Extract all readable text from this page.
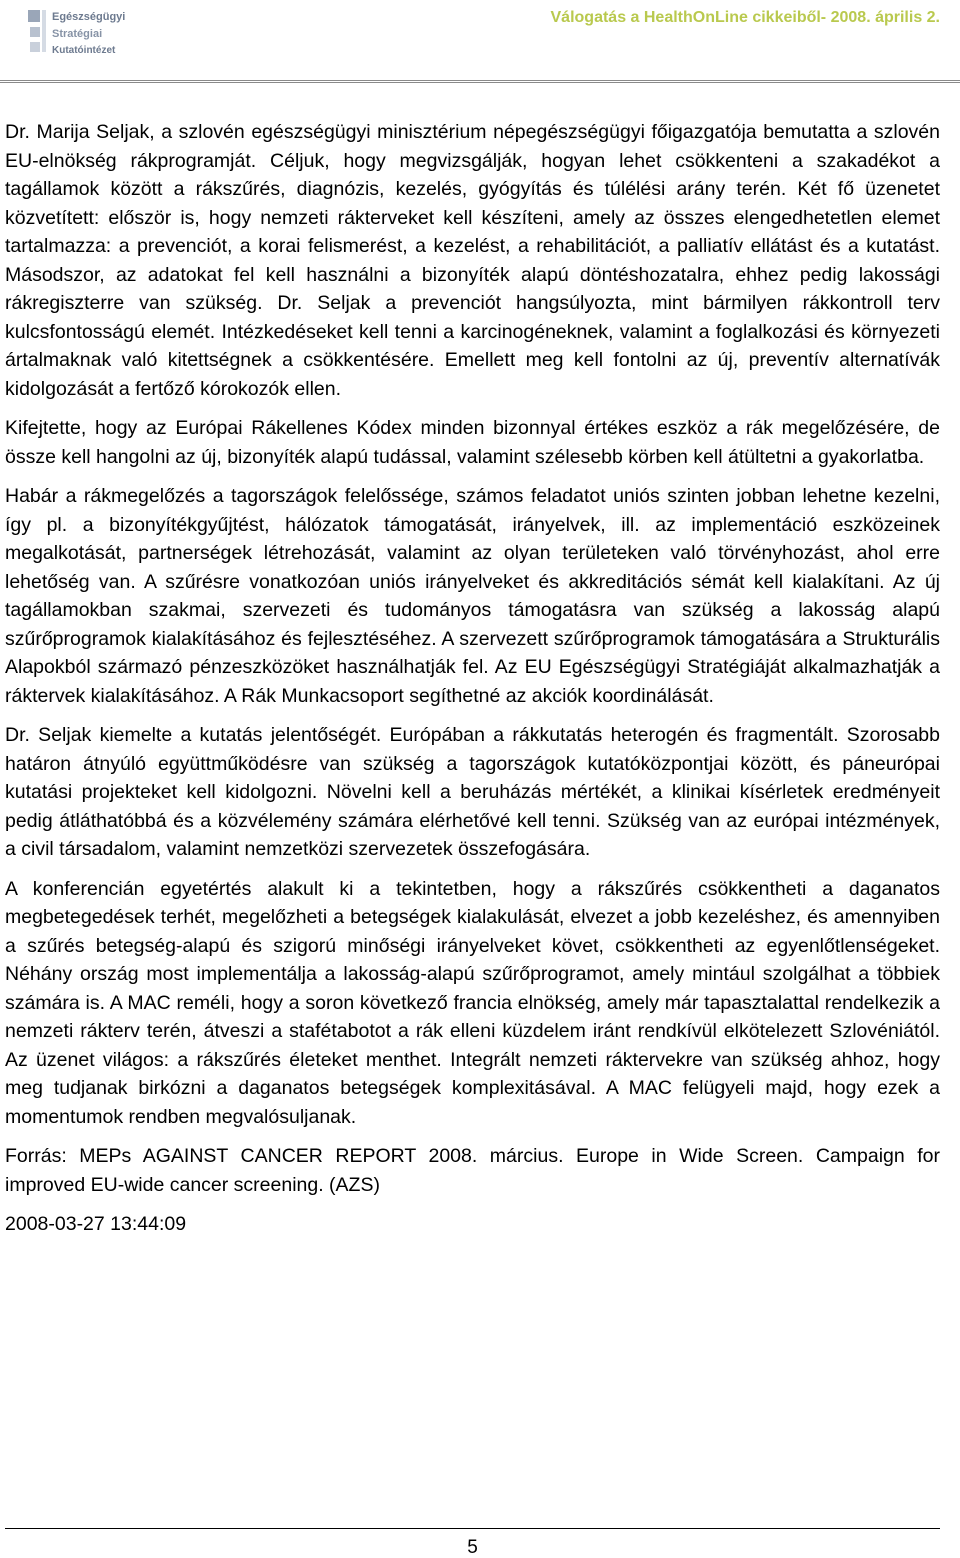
Egészségügyi
Stratégiai
Kutatóintézet
Válogatás a HealthOnLine cikkeiből- 2008. április 2.

Dr. Marija Seljak, a szlovén egészségügyi minisztérium népegészségügyi főigazgatója bemutatta a szlovén EU-elnökség rákprogramját. Céljuk, hogy megvizsgálják, hogyan lehet csökkenteni a szakadékot a tagállamok között a rákszűrés, diagnózis, kezelés, gyógyítás és túlélési arány terén. Két fő üzenetet közvetített: először is, hogy nemzeti rákterveket kell készíteni, amely az összes elengedhetetlen elemet tartalmazza: a prevenciót, a korai felismerést, a kezelést, a rehabilitációt, a palliatív ellátást és a kutatást. Másodszor, az adatokat fel kell használni a bizonyíték alapú döntéshozatalra, ehhez pedig lakossági rákregiszterre van szükség. Dr. Seljak a prevenciót hangsúlyozta, mint bármilyen rákkontroll terv kulcsfontosságú elemét. Intézkedéseket kell tenni a karcinogéneknek, valamint a foglalkozási és környezeti ártalmaknak való kitettségnek a csökkentésére. Emellett meg kell fontolni az új, preventív alternatívák kidolgozását a fertőző kórokozók ellen.

Kifejtette, hogy az Európai Rákellenes Kódex minden bizonnyal értékes eszköz a rák megelőzésére, de össze kell hangolni az új, bizonyíték alapú tudással, valamint szélesebb körben kell átültetni a gyakorlatba.

Habár a rákmegelőzés a tagországok felelőssége, számos feladatot uniós szinten jobban lehetne kezelni, így pl. a bizonyítékgyűjtést, hálózatok támogatását, irányelvek, ill. az implementáció eszközeinek megalkotását, partnerségek létrehozását, valamint az olyan területeken való törvényhozást, ahol erre lehetőség van. A szűrésre vonatkozóan uniós irányelveket és akkreditációs sémát kell kialakítani. Az új tagállamokban szakmai, szervezeti és tudományos támogatásra van szükség a lakosság alapú szűrőprogramok kialakításához és fejlesztéséhez. A szervezett szűrőprogramok támogatására a Strukturális Alapokból származó pénzeszközöket használhatják fel. Az EU Egészségügyi Stratégiáját alkalmazhatják a ráktervek kialakításához. A Rák Munkacsoport segíthetné az akciók koordinálását.

Dr. Seljak kiemelte a kutatás jelentőségét. Európában a rákkutatás heterogén és fragmentált. Szorosabb határon átnyúló együttműködésre van szükség a tagországok kutatóközpontjai között, és páneurópai kutatási projekteket kell kidolgozni. Növelni kell a beruházás mértékét, a klinikai kísérletek eredményeit pedig átláthatóbbá és a közvélemény számára elérhetővé kell tenni. Szükség van az európai intézmények, a civil társadalom, valamint nemzetközi szervezetek összefogására.

A konferencián egyetértés alakult ki a tekintetben, hogy a rákszűrés csökkentheti a daganatos megbetegedések terhét, megelőzheti a betegségek kialakulását, elvezet a jobb kezeléshez, és amennyiben a szűrés betegség-alapú és szigorú minőségi irányelveket követ, csökkentheti az egyenlőtlenségeket. Néhány ország most implementálja a lakosság-alapú szűrőprogramot, amely mintául szolgálhat a többiek számára is. A MAC reméli, hogy a soron következő francia elnökség, amely már tapasztalattal rendelkezik a nemzeti rákterv terén, átveszi a stafétabotot a rák elleni küzdelem iránt rendkívül elkötelezett Szlovéniától. Az üzenet világos: a rákszűrés életeket menthet. Integrált nemzeti ráktervekre van szükség ahhoz, hogy meg tudjanak birkózni a daganatos betegségek komplexitásával. A MAC felügyeli majd, hogy ezek a momentumok rendben megvalósuljanak.

Forrás: MEPs AGAINST CANCER REPORT 2008. március. Europe in Wide Screen. Campaign for improved EU-wide cancer screening. (AZS)

2008-03-27 13:44:09

5
